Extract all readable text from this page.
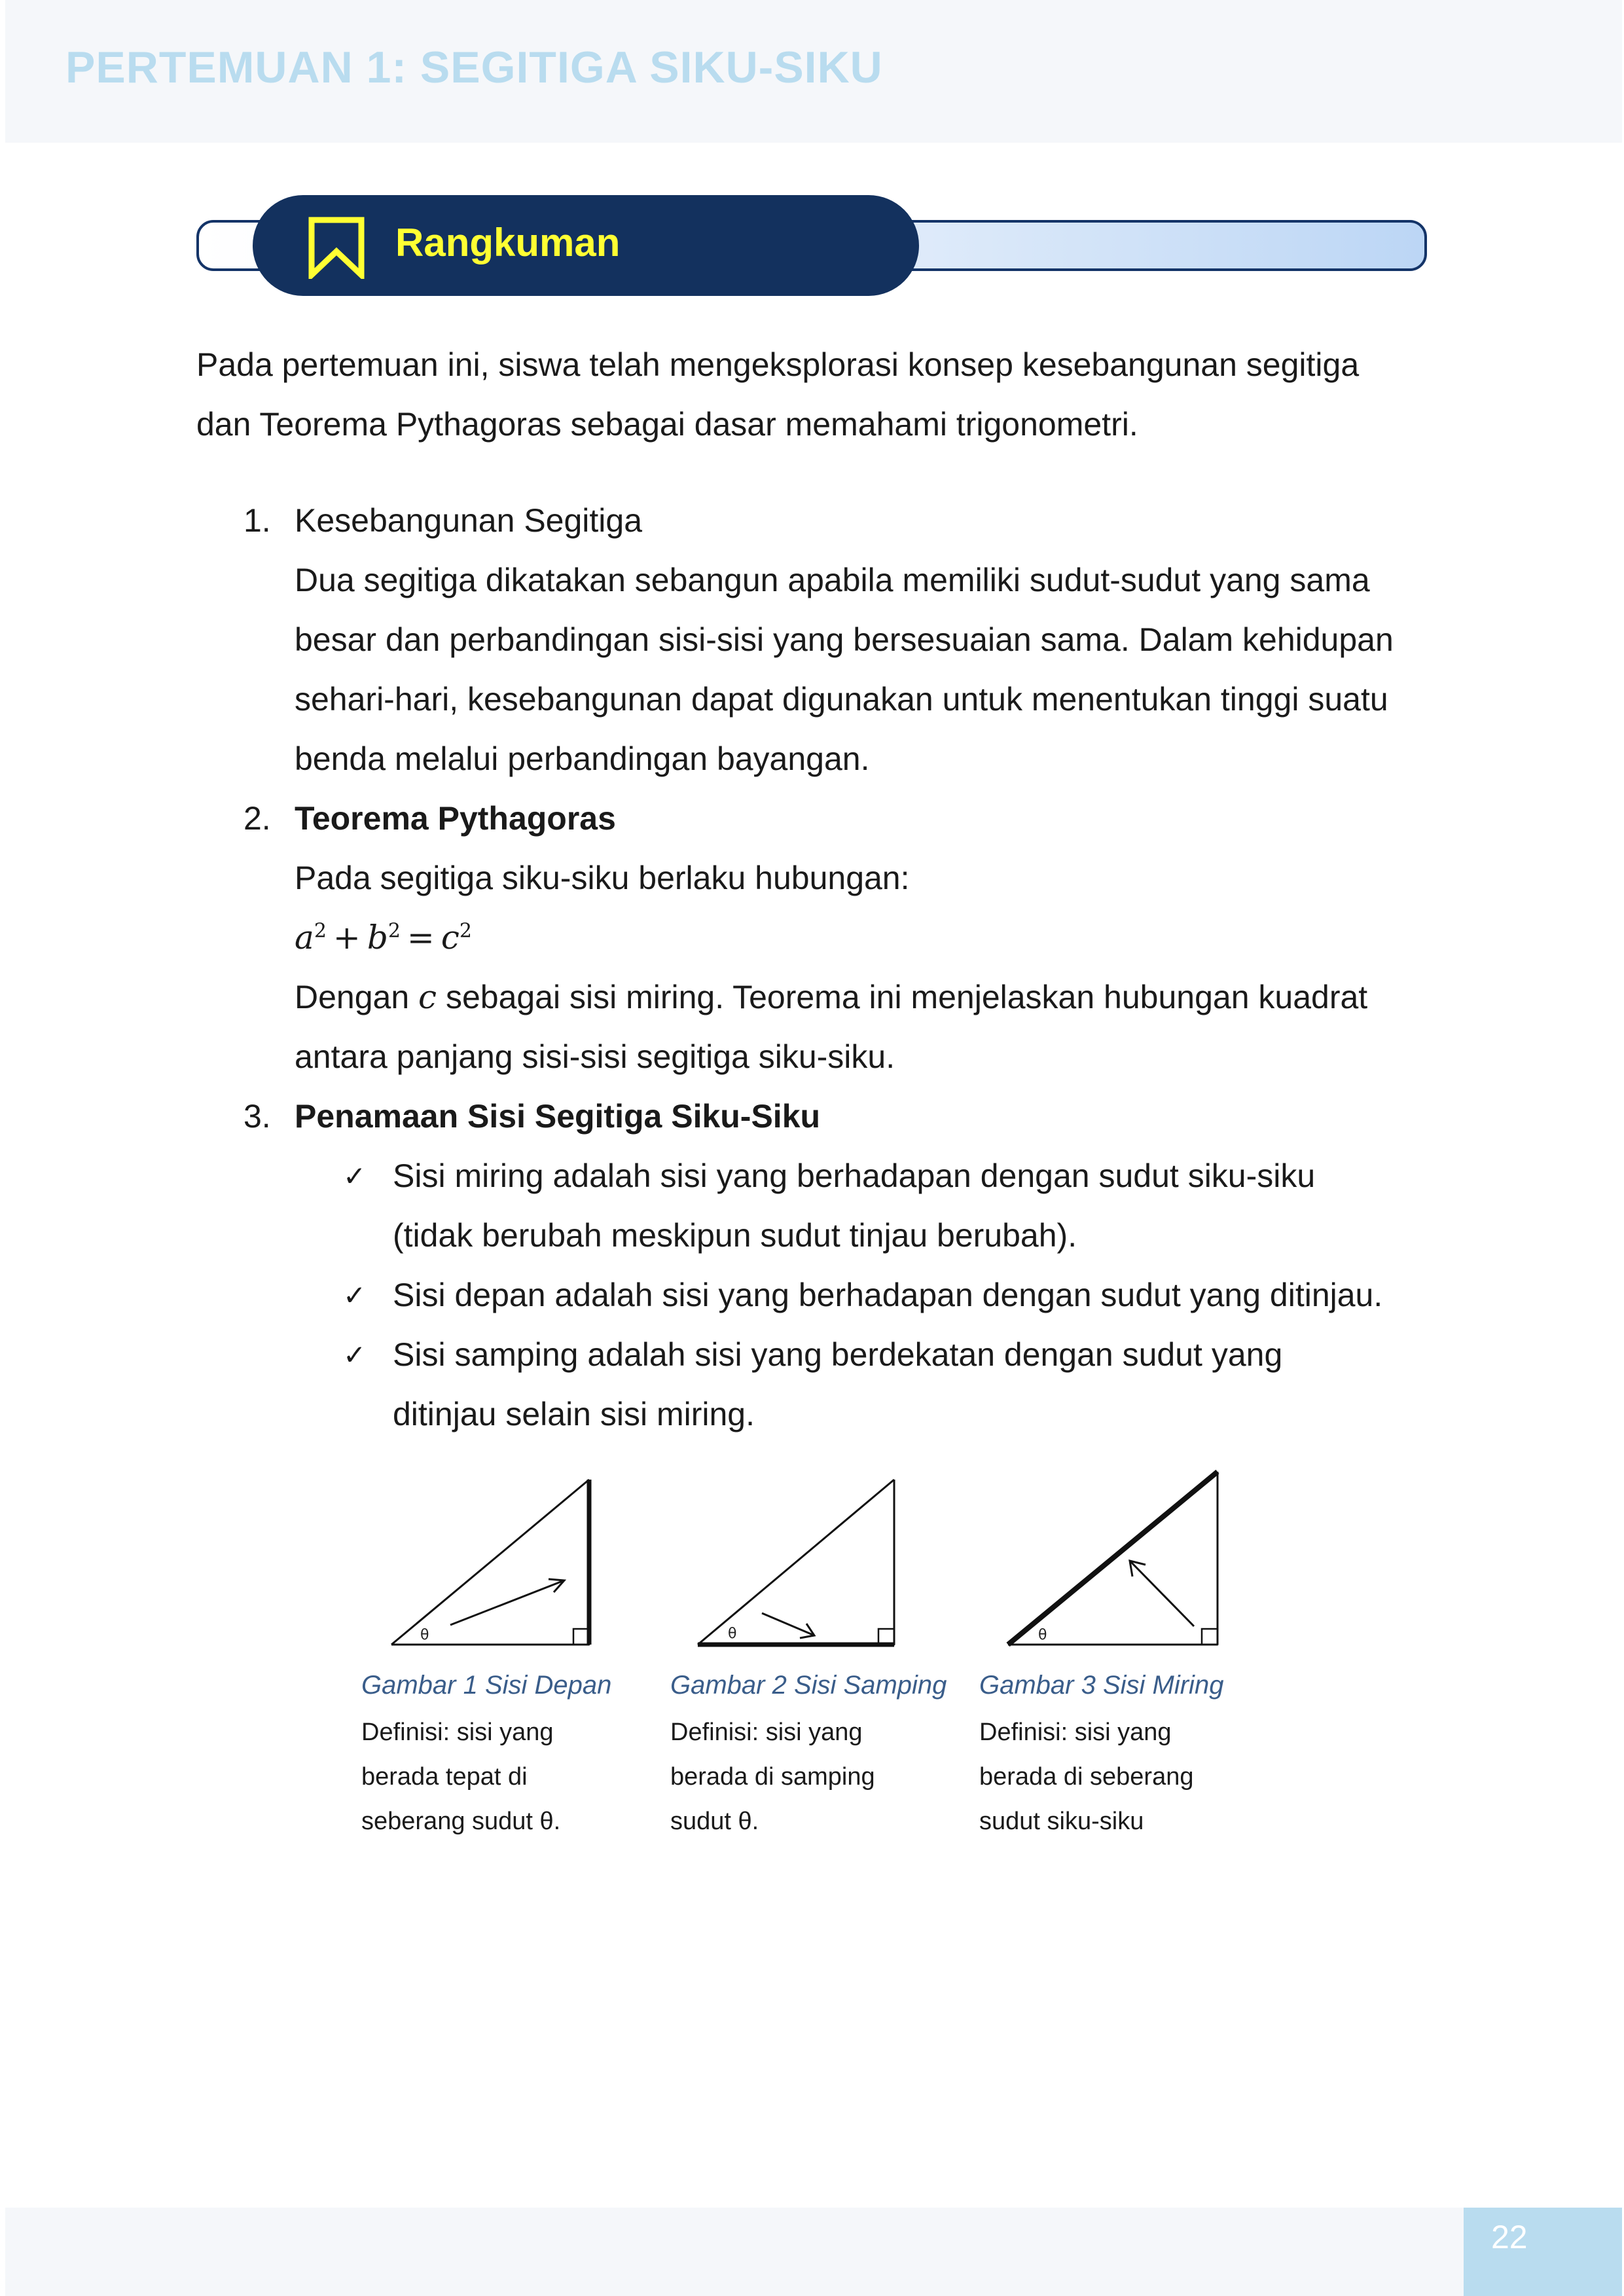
PERTEMUAN 1: SEGITIGA SIKU-SIKU
Rangkuman
Pada pertemuan ini, siswa telah mengeksplorasi konsep kesebangunan segitiga
dan Teorema Pythagoras sebagai dasar memahami trigonometri.
1. Kesebangunan Segitiga
Dua segitiga dikatakan sebangun apabila memiliki sudut-sudut yang sama
besar dan perbandingan sisi-sisi yang bersesuaian sama. Dalam kehidupan
sehari-hari, kesebangunan dapat digunakan untuk menentukan tinggi suatu
benda melalui perbandingan bayangan.
2. Teorema Pythagoras
Pada segitiga siku-siku berlaku hubungan:
$a^2 + b^2 = c^2$
Dengan c sebagai sisi miring. Teorema ini menjelaskan hubungan kuadrat
antara panjang sisi-sisi segitiga siku-siku.
3. Penamaan Sisi Segitiga Siku-Siku
✓ Sisi miring adalah sisi yang berhadapan dengan sudut siku-siku
(tidak berubah meskipun sudut tinjau berubah).
✓ Sisi depan adalah sisi yang berhadapan dengan sudut yang ditinjau.
✓ Sisi samping adalah sisi yang berdekatan dengan sudut yang
ditinjau selain sisi miring.
θ	θ	θ
Gambar 1 Sisi Depan
Definisi: sisi yang
berada tepat di
seberang sudut θ.
Gambar 2 Sisi Samping
Definisi: sisi yang
berada di samping
sudut θ.
Gambar 3 Sisi Miring
Definisi: sisi yang
berada di seberang
sudut siku-siku
22
